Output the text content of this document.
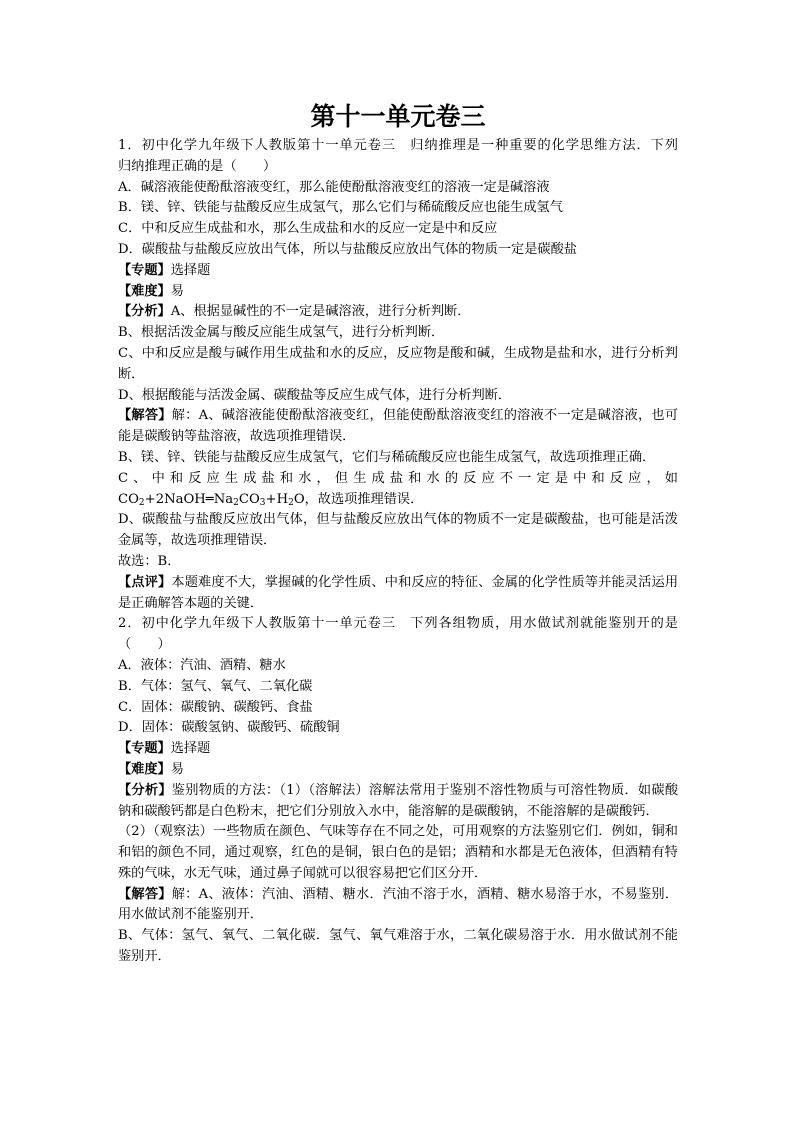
第十一单元卷三

1．初中化学九年级下人教版第十一单元卷三　归纳推理是一种重要的化学思维方法．下列

归纳推理正确的是（　　）

A．碱溶液能使酚酞溶液变红，那么能使酚酞溶液变红的溶液一定是碱溶液

B．镁、锌、铁能与盐酸反应生成氢气，那么它们与稀硫酸反应也能生成氢气

C．中和反应生成盐和水，那么生成盐和水的反应一定是中和反应

D．碳酸盐与盐酸反应放出气体，所以与盐酸反应放出气体的物质一定是碳酸盐

【专题】选择题

【难度】易

【分析】A、根据显碱性的不一定是碱溶液，进行分析判断．

B、根据活泼金属与酸反应能生成氢气，进行分析判断．

C、中和反应是酸与碱作用生成盐和水的反应，反应物是酸和碱，生成物是盐和水，进行分析判断．

D、根据酸能与活泼金属、碳酸盐等反应生成气体，进行分析判断．

【解答】解：A、碱溶液能使酚酞溶液变红，但能使酚酞溶液变红的溶液不一定是碱溶液，也可能是碳酸钠等盐溶液，故选项推理错误．

B、镁、锌、铁能与盐酸反应生成氢气，它们与稀硫酸反应也能生成氢气，故选项推理正确．

C、中和反应生成盐和水，但生成盐和水的反应不一定是中和反应，如

$CO_2+2NaOH═Na_2CO_3+H_2O$，故选项推理错误．

D、碳酸盐与盐酸反应放出气体，但与盐酸反应放出气体的物质不一定是碳酸盐，也可能是活泼金属等，故选项推理错误．

故选：B．

【点评】本题难度不大，掌握碱的化学性质、中和反应的特征、金属的化学性质等并能灵活运用是正确解答本题的关键．

2．初中化学九年级下人教版第十一单元卷三　下列各组物质，用水做试剂就能鉴别开的是

（　　）

A．液体：汽油、酒精、糖水

B．气体：氢气、氧气、二氧化碳

C．固体：碳酸钠、碳酸钙、食盐

D．固体：碳酸氢钠、碳酸钙、硫酸铜

【专题】选择题

【难度】易

【分析】鉴别物质的方法：（1）（溶解法）溶解法常用于鉴别不溶性物质与可溶性物质．如碳酸钠和碳酸钙都是白色粉末，把它们分别放入水中，能溶解的是碳酸钠，不能溶解的是碳酸钙．

（2）（观察法）一些物质在颜色、气味等存在不同之处，可用观察的方法鉴别它们．例如，铜和和铝的颜色不同，通过观察，红色的是铜，银白色的是铝；酒精和水都是无色液体，但酒精有特殊的气味，水无气味，通过鼻子闻就可以很容易把它们区分开．

【解答】解：A、液体：汽油、酒精、糖水．汽油不溶于水，酒精、糖水易溶于水，不易鉴别．用水做试剂不能鉴别开．

B、气体：氢气、氧气、二氧化碳．氢气、氧气难溶于水，二氧化碳易溶于水．用水做试剂不能鉴别开．
